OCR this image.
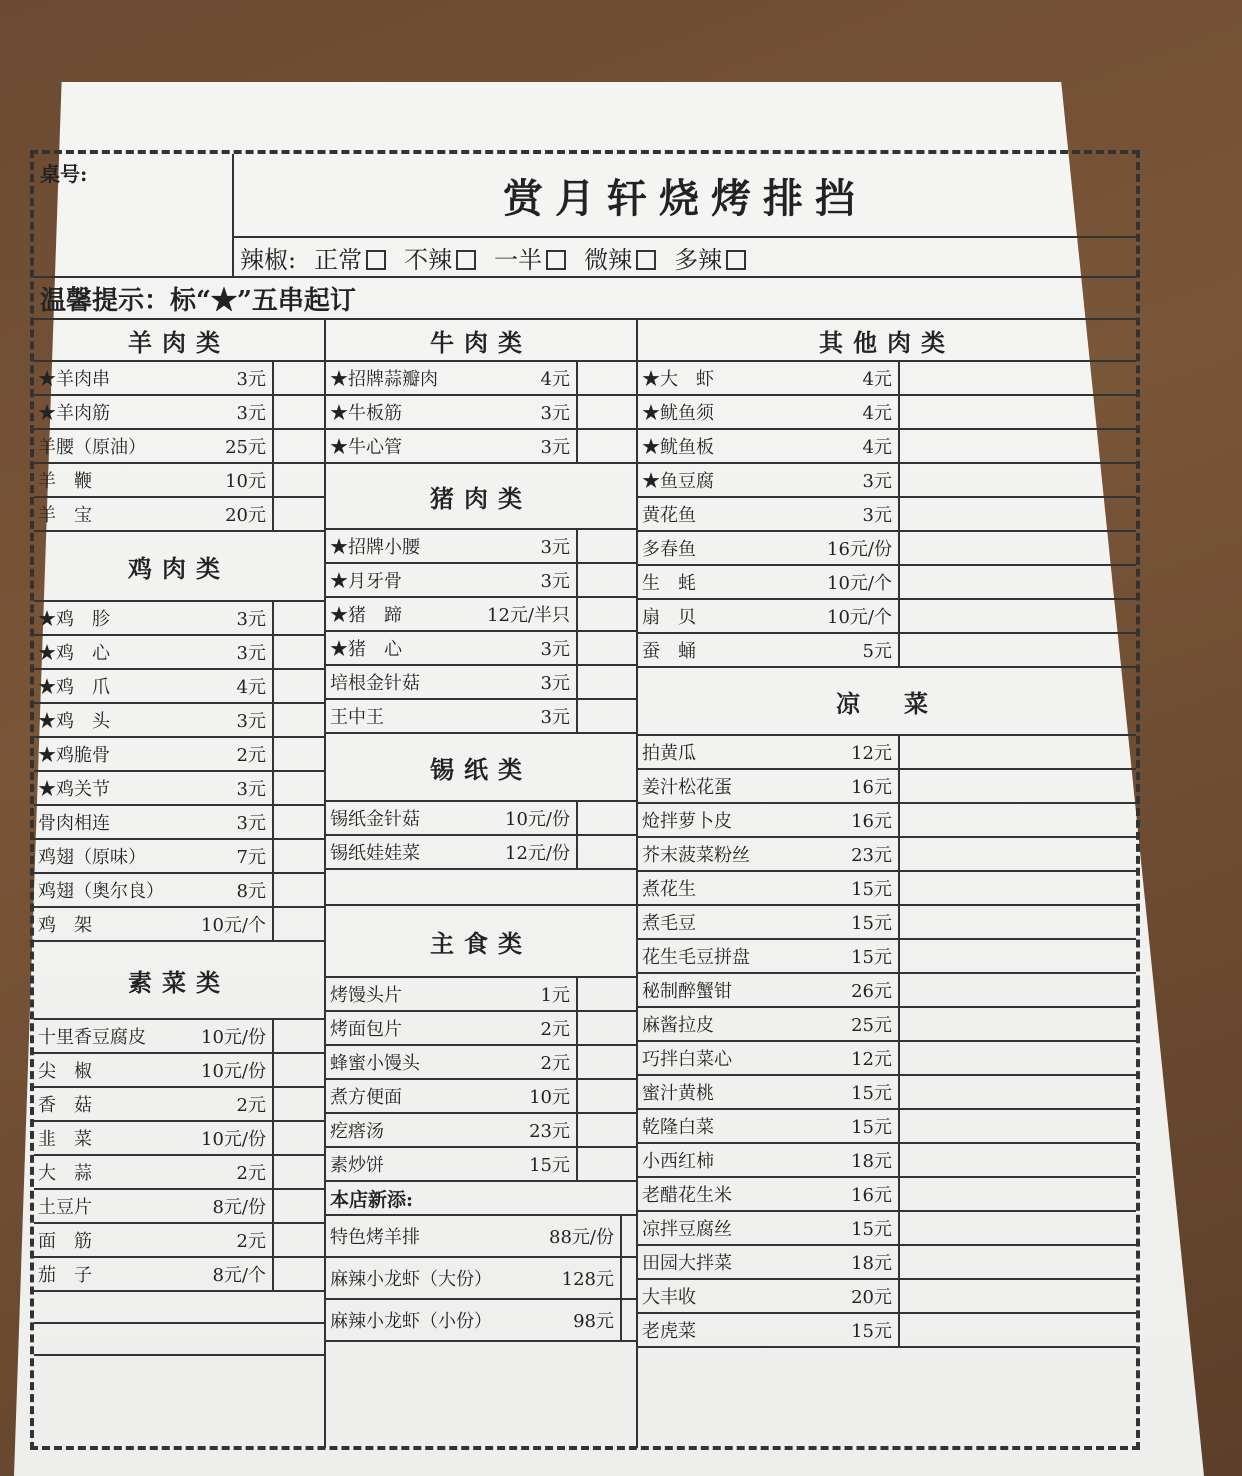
桌号:
赏月轩烧烤排挡
辣椒: 正常	不辣	一半	微辣	多辣
温馨提示：标“★”五串起订
羊肉类
★羊肉串	3元
★羊肉筋	3元
羊腰（原油）	25元
羊　鞭	10元
羊　宝	20元
鸡肉类
★鸡　胗	3元
★鸡　心	3元
★鸡　爪	4元
★鸡　头	3元
★鸡脆骨	2元
★鸡关节	3元
骨肉相连	3元
鸡翅（原味）	7元
鸡翅（奥尔良）	8元
鸡　架	10元/个
素菜类
十里香豆腐皮	10元/份
尖　椒	10元/份
香　菇	2元
韭　菜	10元/份
大　蒜	2元
土豆片	8元/份
面　筋	2元
茄　子	8元/个
牛肉类
★招牌蒜瓣肉	4元
★牛板筋	3元
★牛心管	3元
猪肉类
★招牌小腰	3元
★月牙骨	3元
★猪　蹄	12元/半只
★猪　心	3元
培根金针菇	3元
王中王	3元
锡纸类
锡纸金针菇	10元/份
锡纸娃娃菜	12元/份
主食类
烤馒头片	1元
烤面包片	2元
蜂蜜小馒头	2元
煮方便面	10元
疙瘩汤	23元
素炒饼	15元
本店新添:
特色烤羊排	88元/份
麻辣小龙虾（大份）	128元
麻辣小龙虾（小份）	98元
其他肉类
★大　虾	4元
★鱿鱼须	4元
★鱿鱼板	4元
★鱼豆腐	3元
黄花鱼	3元
多春鱼	16元/份
生　蚝	10元/个
扇　贝	10元/个
蚕　蛹	5元
凉　菜
拍黄瓜	12元
姜汁松花蛋	16元
炝拌萝卜皮	16元
芥末菠菜粉丝	23元
煮花生	15元
煮毛豆	15元
花生毛豆拼盘	15元
秘制醉蟹钳	26元
麻酱拉皮	25元
巧拌白菜心	12元
蜜汁黄桃	15元
乾隆白菜	15元
小西红柿	18元
老醋花生米	16元
凉拌豆腐丝	15元
田园大拌菜	18元
大丰收	20元
老虎菜	15元
